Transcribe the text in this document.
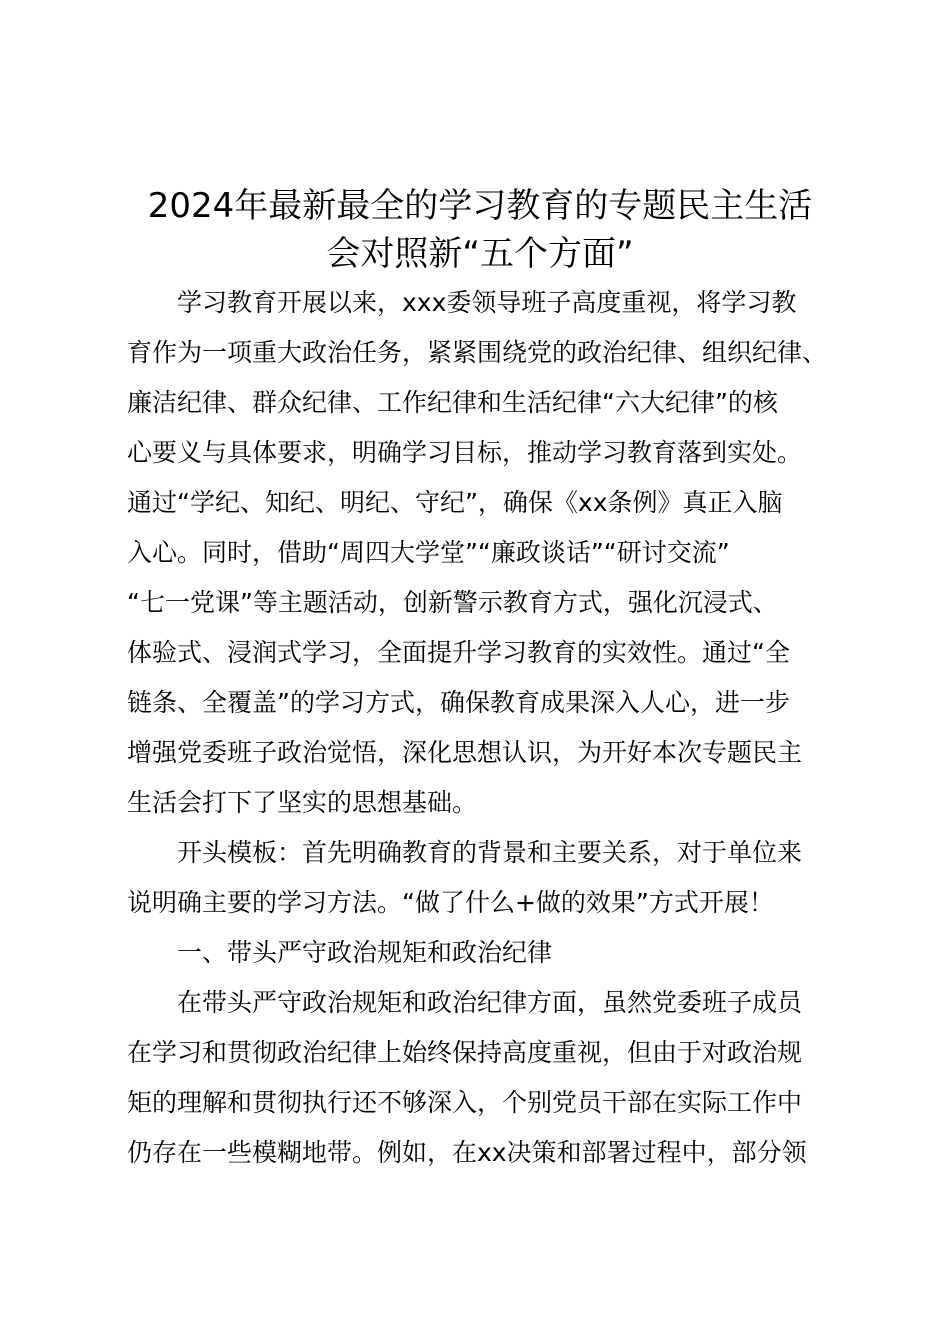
2024年最新最全的学习教育的专题民主生活
会对照新“五个方面”

学习教育开展以来，xxx委领导班子高度重视，将学习教

育作为一项重大政治任务，紧紧围绕党的政治纪律、组织纪律、

廉洁纪律、群众纪律、工作纪律和生活纪律“六大纪律”的核

心要义与具体要求，明确学习目标，推动学习教育落到实处。

通过“学纪、知纪、明纪、守纪”，确保《xx条例》真正入脑

入心。同时，借助“周四大学堂”“廉政谈话”“研讨交流”

“七一党课”等主题活动，创新警示教育方式，强化沉浸式、

体验式、浸润式学习，全面提升学习教育的实效性。通过“全

链条、全覆盖”的学习方式，确保教育成果深入人心，进一步

增强党委班子政治觉悟，深化思想认识，为开好本次专题民主

生活会打下了坚实的思想基础。

开头模板：首先明确教育的背景和主要关系，对于单位来

说明确主要的学习方法。“做了什么+做的效果”方式开展！

一、带头严守政治规矩和政治纪律

在带头严守政治规矩和政治纪律方面，虽然党委班子成员

在学习和贯彻政治纪律上始终保持高度重视，但由于对政治规

矩的理解和贯彻执行还不够深入，个别党员干部在实际工作中

仍存在一些模糊地带。例如，在xx决策和部署过程中，部分领
